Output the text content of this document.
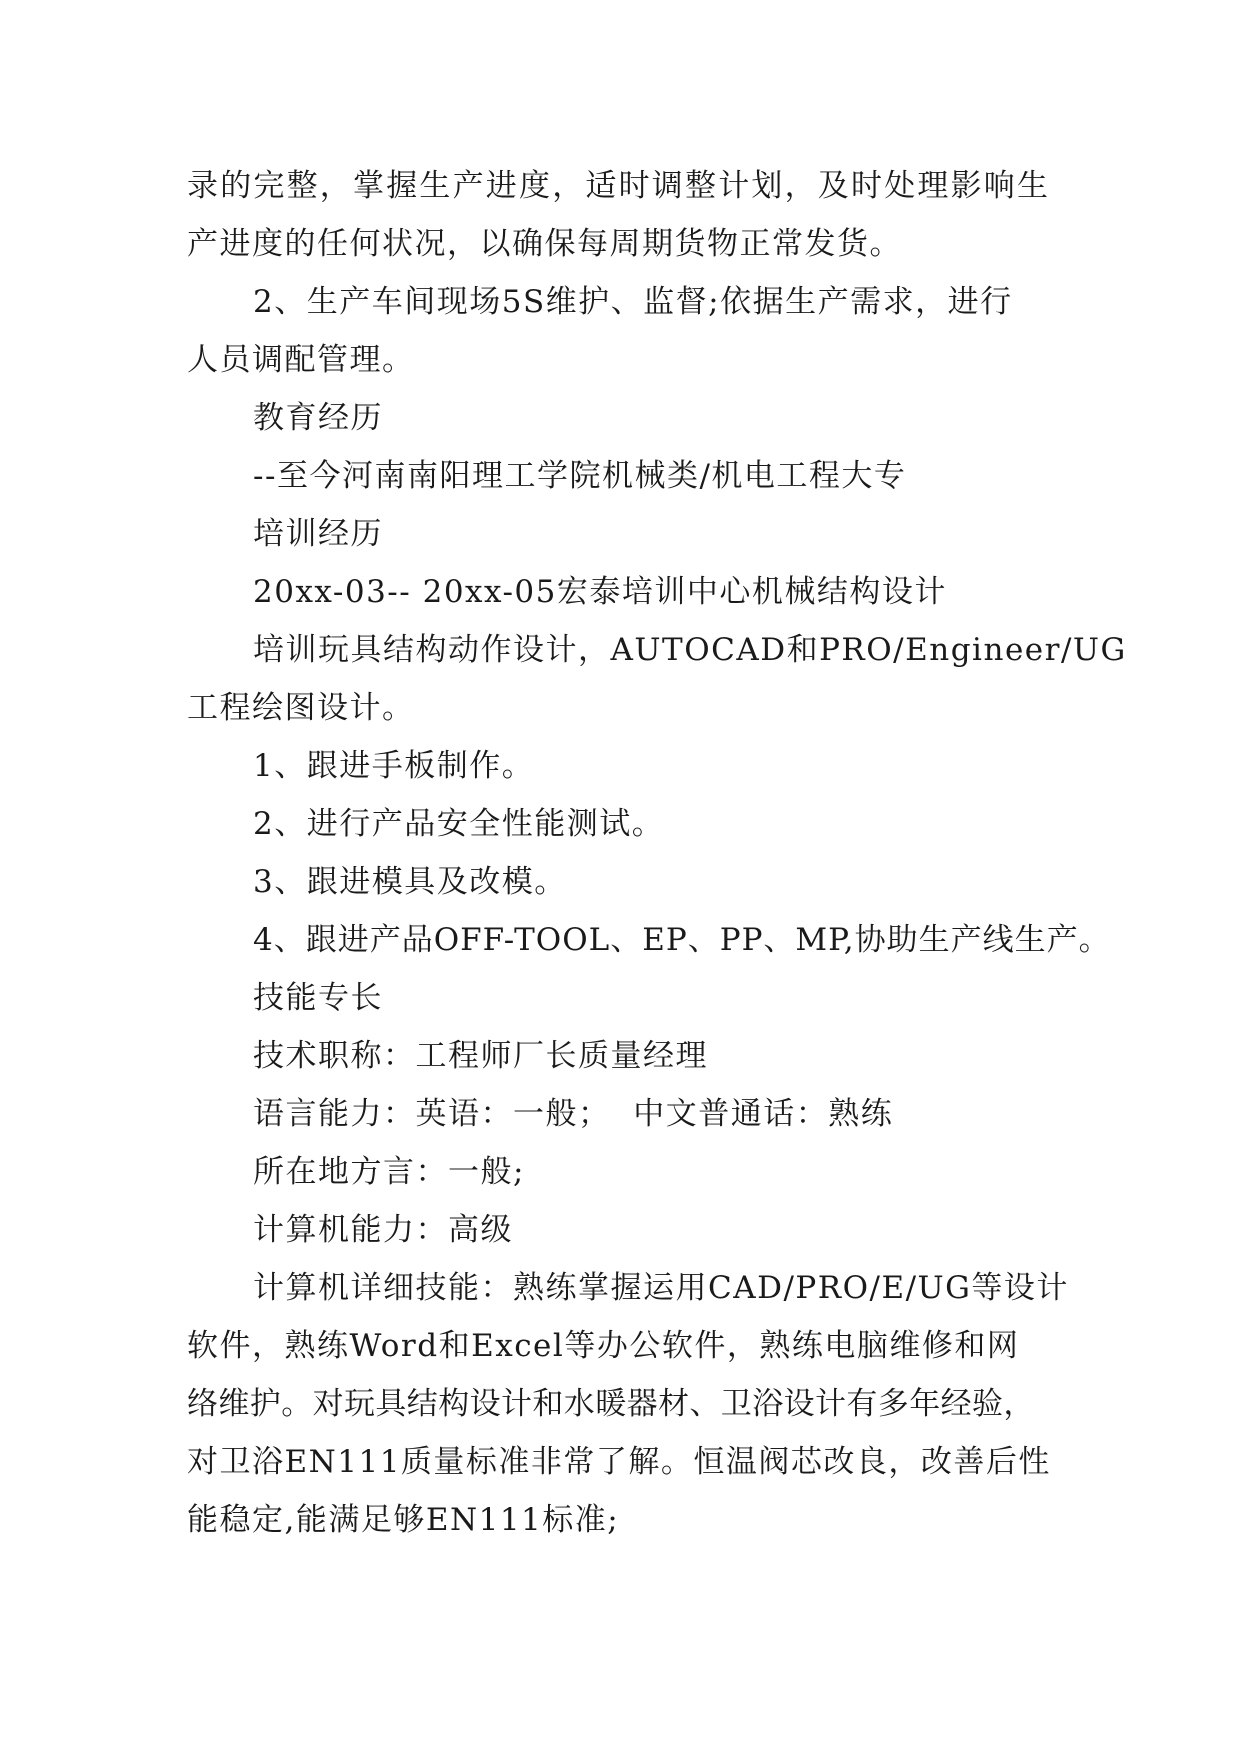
录的完整，掌握生产进度，适时调整计划，及时处理影响生
产进度的任何状况，以确保每周期货物正常发货。
2、生产车间现场5S维护、监督;依据生产需求，进行
人员调配管理。
教育经历
--至今河南南阳理工学院机械类/机电工程大专
培训经历
20xx-03-- 20xx-05宏泰培训中心机械结构设计
培训玩具结构动作设计，AUTOCAD和PRO/Engineer/UG
工程绘图设计。
1、跟进手板制作。
2、进行产品安全性能测试。
3、跟进模具及改模。
4、跟进产品OFF-TOOL、EP、PP、MP,协助生产线生产。
技能专长
技术职称：工程师厂长质量经理
语言能力：英语：一般；  中文普通话：熟练
所在地方言：一般;
计算机能力：高级
计算机详细技能：熟练掌握运用CAD/PRO/E/UG等设计
软件，熟练Word和Excel等办公软件，熟练电脑维修和网
络维护。对玩具结构设计和水暖器材、卫浴设计有多年经验，
对卫浴EN111质量标准非常了解。恒温阀芯改良，改善后性
能稳定,能满足够EN111标准;
